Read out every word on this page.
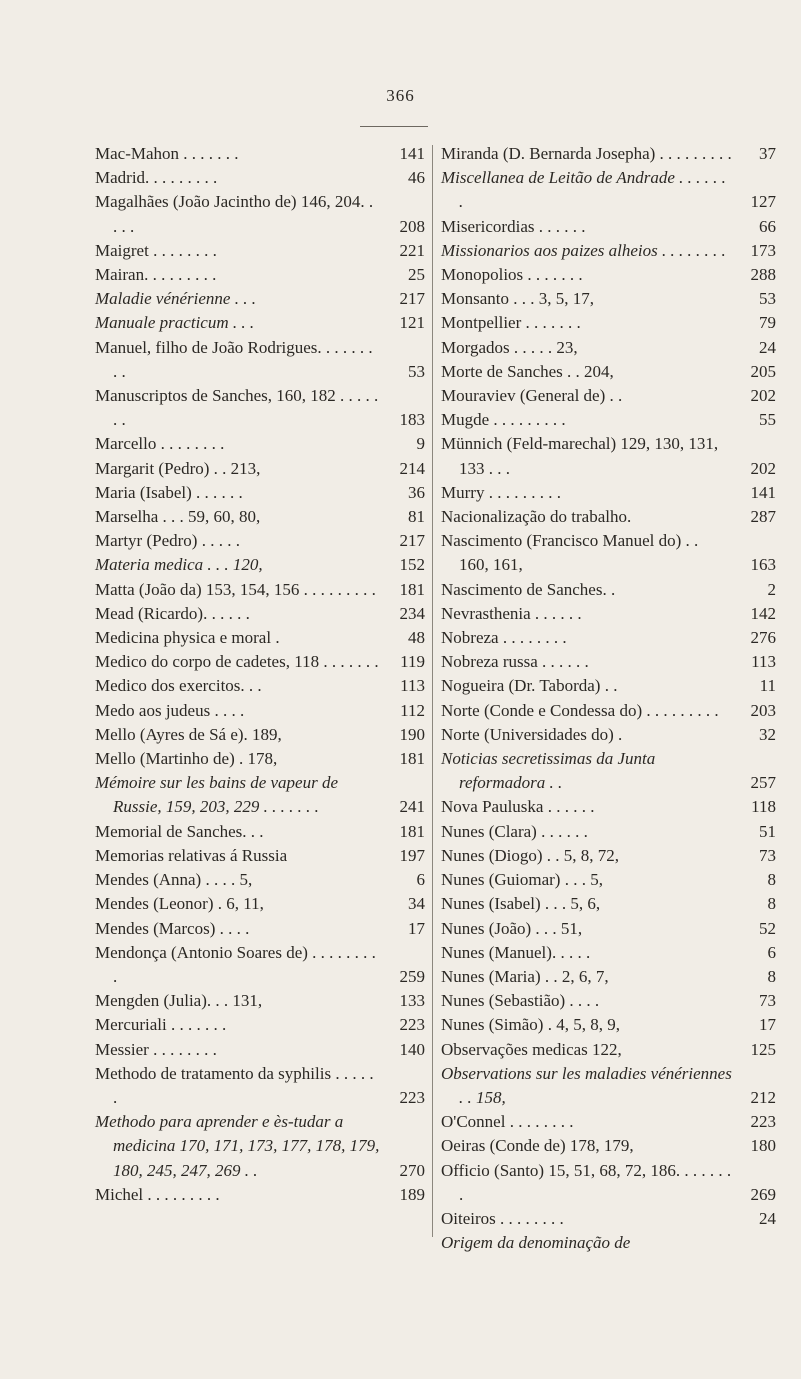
366
Mac-Mahon . . . . . . .	141
Madrid. . . . . . . . .	46
Magalhães (João Jacintho de) 146, 204. . . . .	208
Maigret . . . . . . . .	221
Mairan. . . . . . . . .	25
Maladie vénérienne . . .	217
Manuale practicum . . .	121
Manuel, filho de João Rodrigues. . . . . . . . .	53
Manuscriptos de Sanches, 160, 182 . . . . . . .	183
Marcello . . . . . . . .	9
Margarit (Pedro) . . 213,	214
Maria (Isabel) . . . . . .	36
Marselha . . . 59, 60, 80,	81
Martyr (Pedro) . . . . .	217
Materia medica . . . 120,	152
Matta (João da) 153, 154, 156 . . . . . . . . .	181
Mead (Ricardo). . . . . .	234
Medicina physica e moral .	48
Medico do corpo de cadetes, 118 . . . . . . .	119
Medico dos exercitos. . .	113
Medo aos judeus . . . .	112
Mello (Ayres de Sá e). 189,	190
Mello (Martinho de) . 178,	181
Mémoire sur les bains de vapeur de Russie, 159, 203, 229 . . . . . . .	241
Memorial de Sanches. . .	181
Memorias relativas á Russia	197
Mendes (Anna) . . . . 5,	6
Mendes (Leonor) . 6, 11,	34
Mendes (Marcos) . . . .	17
Mendonça (Antonio Soares de) . . . . . . . . .	259
Mengden (Julia). . . 131,	133
Mercuriali . . . . . . .	223
Messier . . . . . . . .	140
Methodo de tratamento da syphilis . . . . . .	223
Methodo para aprender e ès-tudar a medicina 170, 171, 173, 177, 178, 179, 180, 245, 247, 269 . .	270
Michel . . . . . . . . .	189
Miranda (D. Bernarda Josepha) . . . . . . . . .	37
Miscellanea de Leitão de Andrade . . . . . . .	127
Misericordias . . . . . .	66
Missionarios aos paizes alheios . . . . . . . .	173
Monopolios . . . . . . .	288
Monsanto . . . 3, 5, 17,	53
Montpellier . . . . . . .	79
Morgados . . . . . 23,	24
Morte de Sanches . . 204,	205
Mouraviev (General de) . .	202
Mugde . . . . . . . . .	55
Münnich (Feld-marechal) 129, 130, 131, 133 . . .	202
Murry . . . . . . . . .	141
Nacionalização do trabalho.	287
Nascimento (Francisco Manuel do) . . 160, 161,	163
Nascimento de Sanches. .	2
Nevrasthenia . . . . . .	142
Nobreza . . . . . . . .	276
Nobreza russa . . . . . .	113
Nogueira (Dr. Taborda) . .	11
Norte (Conde e Condessa do) . . . . . . . . .	203
Norte (Universidades do) .	32
Noticias secretissimas da Junta reformadora . .	257
Nova Pauluska . . . . . .	118
Nunes (Clara) . . . . . .	51
Nunes (Diogo) . . 5, 8, 72,	73
Nunes (Guiomar) . . . 5,	8
Nunes (Isabel) . . . 5, 6,	8
Nunes (João) . . . 51,	52
Nunes (Manuel). . . . .	6
Nunes (Maria) . . 2, 6, 7,	8
Nunes (Sebastião) . . . .	73
Nunes (Simão) . 4, 5, 8, 9,	17
Observações medicas 122,	125
Observations sur les maladies vénériennes . . 158,	212
O'Connel . . . . . . . .	223
Oeiras (Conde de) 178, 179,	180
Officio (Santo) 15, 51, 68, 72, 186. . . . . . . .	269
Oiteiros . . . . . . . .	24
Origem da denominação de
